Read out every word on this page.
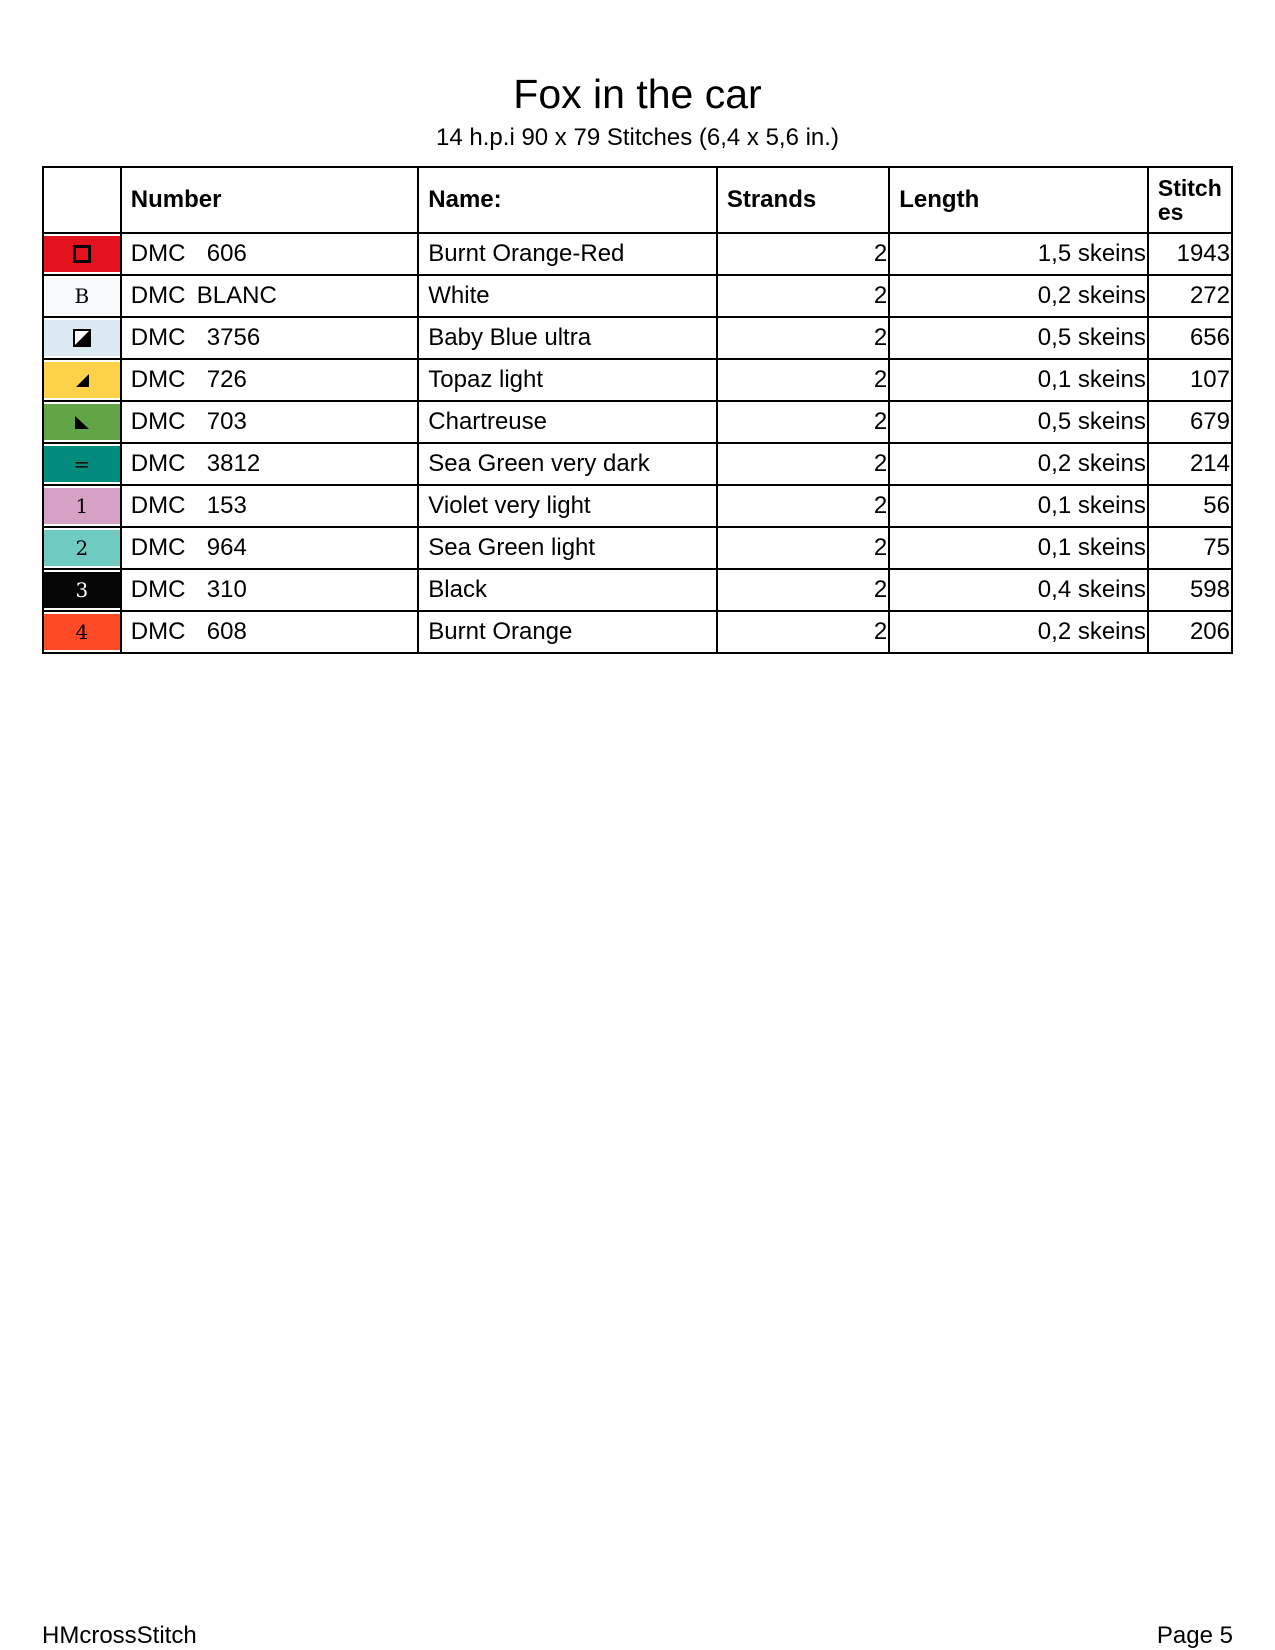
Fox in the car
14 h.p.i 90 x 79 Stitches (6,4 x 5,6 in.)
	Number	Name:	Strands	Length	Stitches

	DMC 606	Burnt Orange-Red	2	1,5 skeins	1943

B	DMC BLANC	White	2	0,2 skeins	272

	DMC 3756	Baby Blue ultra	2	0,5 skeins	656

	DMC 726	Topaz light	2	0,1 skeins	107

	DMC 703	Chartreuse	2	0,5 skeins	679

=	DMC 3812	Sea Green very dark	2	0,2 skeins	214

1	DMC 153	Violet very light	2	0,1 skeins	56

2	DMC 964	Sea Green light	2	0,1 skeins	75

3	DMC 310	Black	2	0,4 skeins	598

4	DMC 608	Burnt Orange	2	0,2 skeins	206
HMcrossStitch	Page 5
